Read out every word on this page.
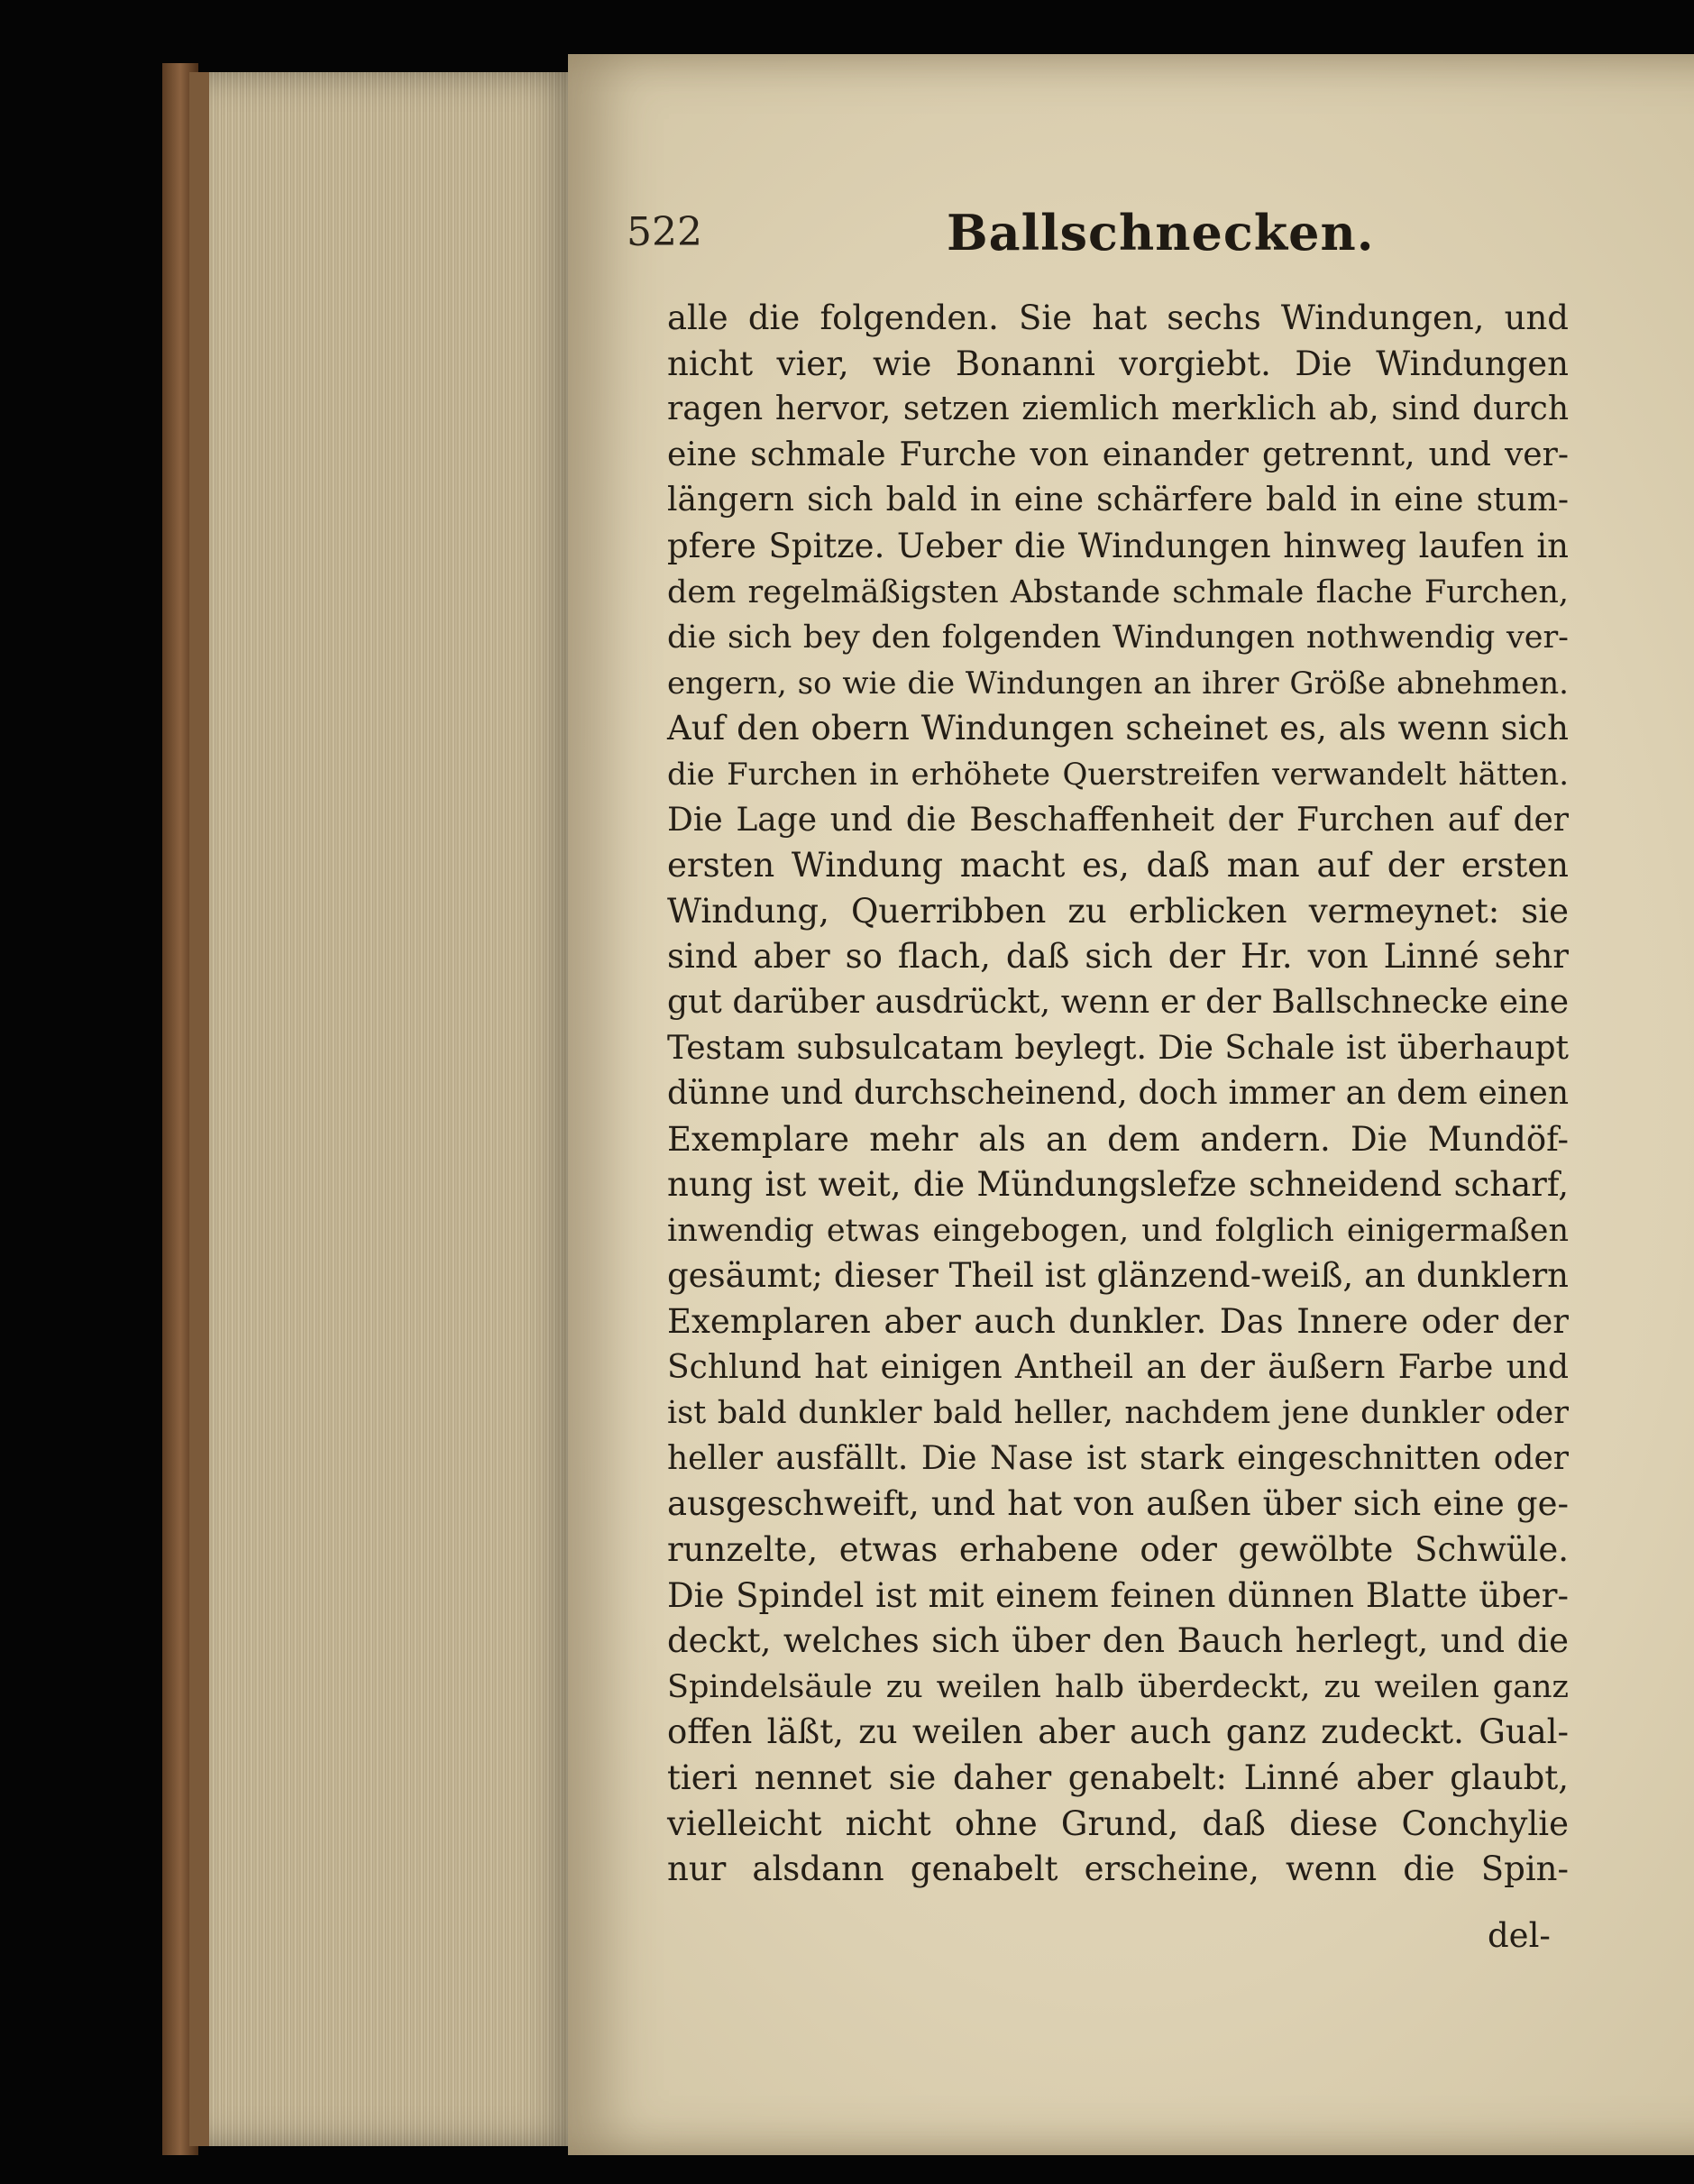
522	Ballschnecken.
alle die folgenden. Sie hat sechs Windungen, und
nicht vier, wie Bonanni vorgiebt. Die Windungen
ragen hervor, setzen ziemlich merklich ab, sind durch
eine schmale Furche von einander getrennt, und ver-
längern sich bald in eine schärfere bald in eine stum-
pfere Spitze. Ueber die Windungen hinweg laufen in
dem regelmäßigsten Abstande schmale flache Furchen,
die sich bey den folgenden Windungen nothwendig ver-
engern, so wie die Windungen an ihrer Größe abnehmen.
Auf den obern Windungen scheinet es, als wenn sich
die Furchen in erhöhete Querstreifen verwandelt hätten.
Die Lage und die Beschaffenheit der Furchen auf der
ersten Windung macht es, daß man auf der ersten
Windung, Querribben zu erblicken vermeynet: sie
sind aber so flach, daß sich der Hr. von Linné sehr
gut darüber ausdrückt, wenn er der Ballschnecke eine
Testam subsulcatam beylegt. Die Schale ist überhaupt
dünne und durchscheinend, doch immer an dem einen
Exemplare mehr als an dem andern. Die Mundöf-
nung ist weit, die Mündungslefze schneidend scharf,
inwendig etwas eingebogen, und folglich einigermaßen
gesäumt; dieser Theil ist glänzend-weiß, an dunklern
Exemplaren aber auch dunkler. Das Innere oder der
Schlund hat einigen Antheil an der äußern Farbe und
ist bald dunkler bald heller, nachdem jene dunkler oder
heller ausfällt. Die Nase ist stark eingeschnitten oder
ausgeschweift, und hat von außen über sich eine ge-
runzelte, etwas erhabene oder gewölbte Schwüle.
Die Spindel ist mit einem feinen dünnen Blatte über-
deckt, welches sich über den Bauch herlegt, und die
Spindelsäule zu weilen halb überdeckt, zu weilen ganz
offen läßt, zu weilen aber auch ganz zudeckt. Gual-
tieri nennet sie daher genabelt: Linné aber glaubt,
vielleicht nicht ohne Grund, daß diese Conchylie
nur alsdann genabelt erscheine, wenn die Spin-
del-
